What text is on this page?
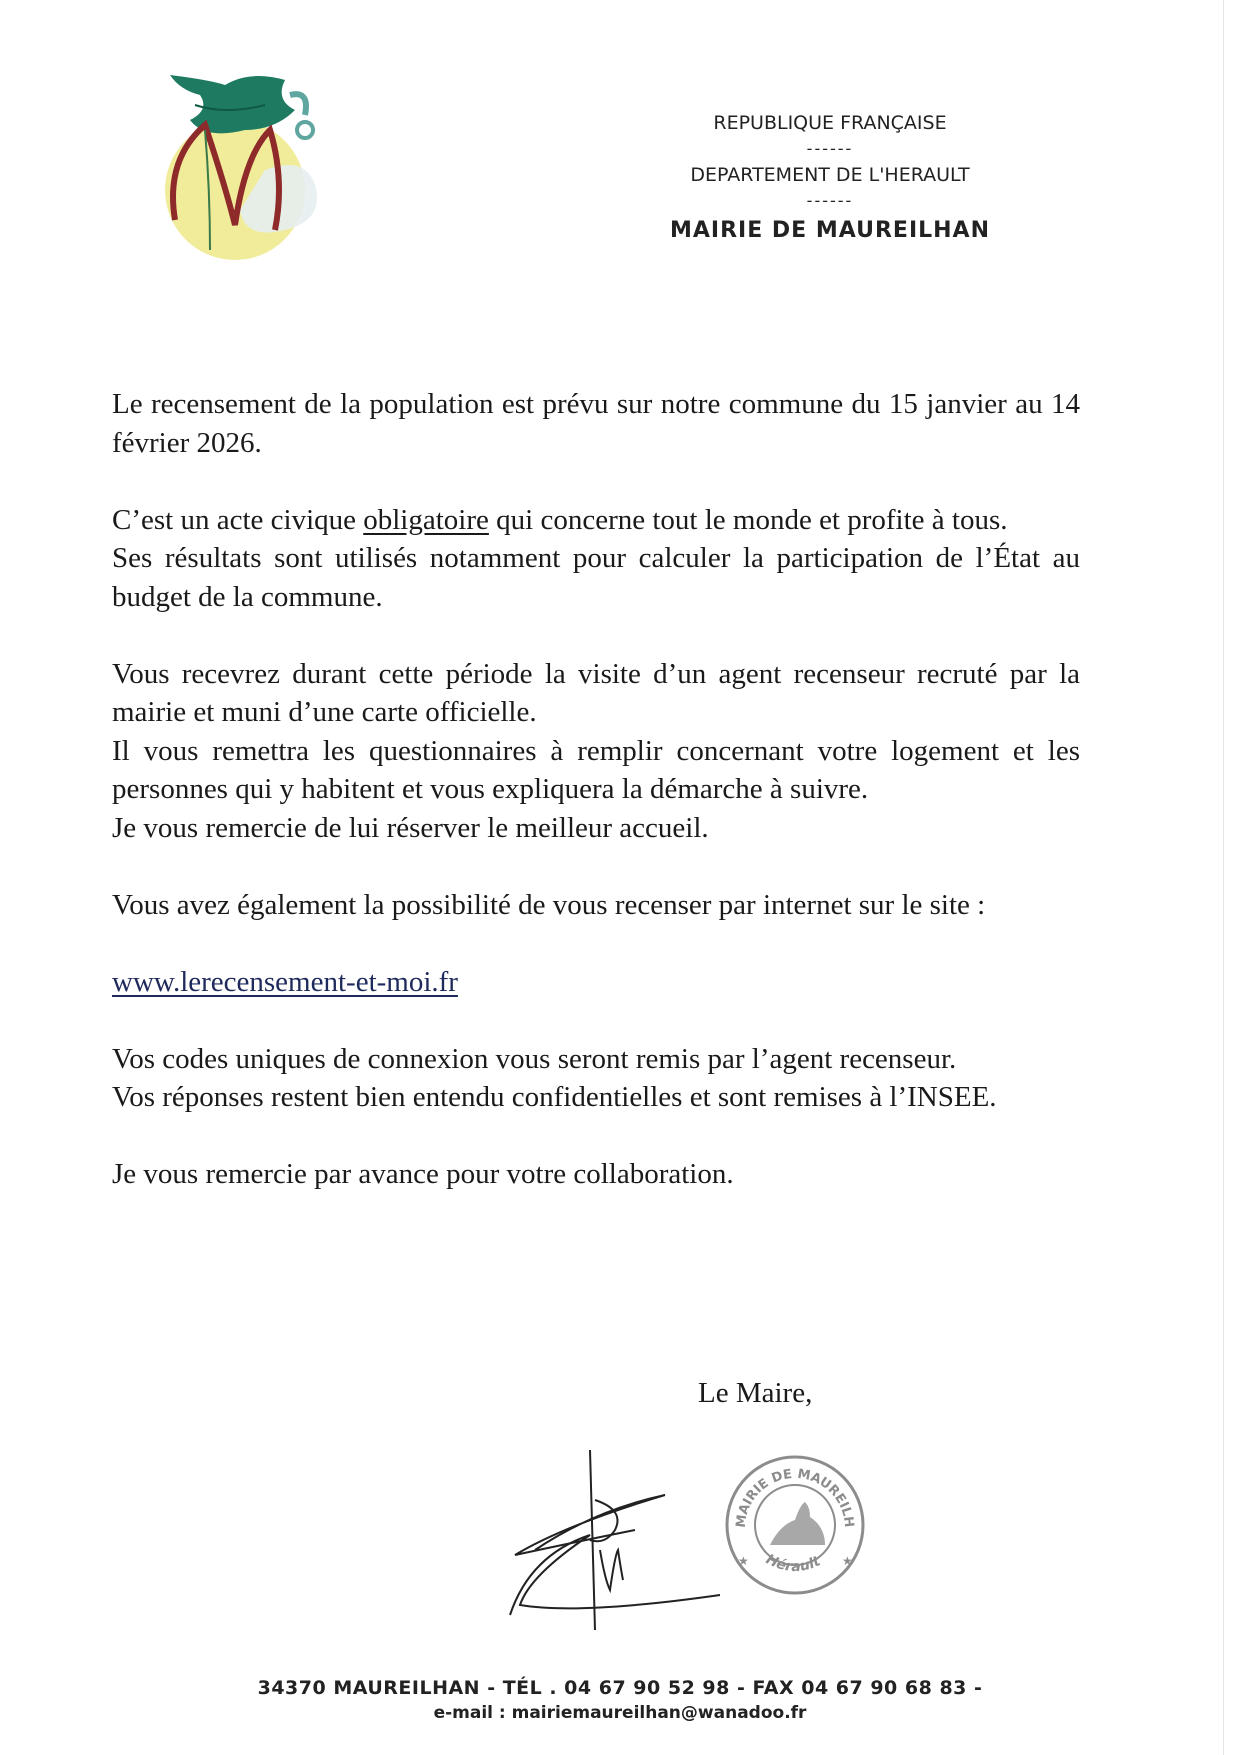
REPUBLIQUE FRANÇAISE
------
DEPARTEMENT DE L'HERAULT
------
MAIRIE DE MAUREILHAN

Le recensement de la population est prévu sur notre commune du 15 janvier au 14 février 2026.

C’est un acte civique obligatoire qui concerne tout le monde et profite à tous.

Ses résultats sont utilisés notamment pour calculer la participation de l’État au budget de la commune.

Vous recevrez durant cette période la visite d’un agent recenseur recruté par la mairie et muni d’une carte officielle.

Il vous remettra les questionnaires à remplir concernant votre logement et les personnes qui y habitent et vous expliquera la démarche à suivre.

Je vous remercie de lui réserver le meilleur accueil.

Vous avez également la possibilité de vous recenser par internet sur le site :

www.lerecensement-et-moi.fr

Vos codes uniques de connexion vous seront remis par l’agent recenseur.

Vos réponses restent bien entendu confidentielles et sont remises à l’INSEE.

Je vous remercie par avance pour votre collaboration.

Le Maire,
MAIRIE DE MAUREILH
Hérault
★	★
34370 MAUREILHAN - TÉL . 04 67 90 52 98 - FAX 04 67 90 68 83 -
e-mail : mairiemaureilhan@wanadoo.fr
